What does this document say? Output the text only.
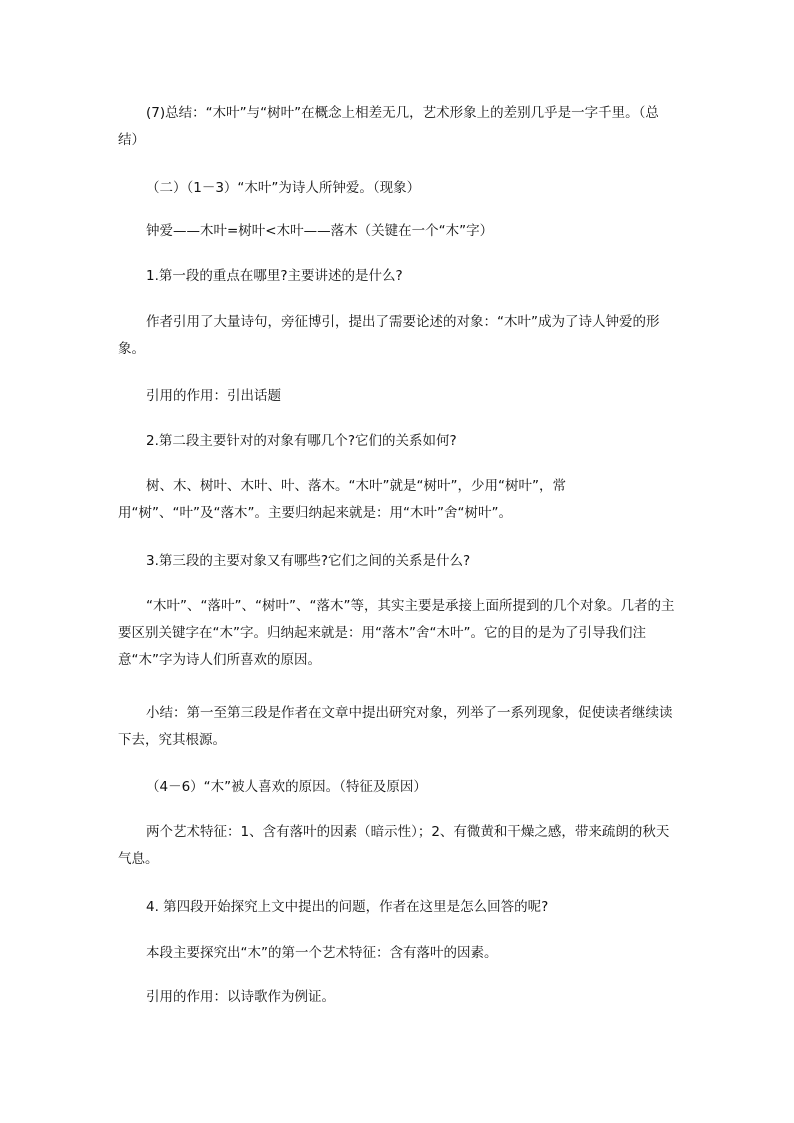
(7)总结：“木叶”与“树叶”在概念上相差无几，艺术形象上的差别几乎是一字千里。（总结）

（二）（1－3）“木叶”为诗人所钟爱。（现象）

钟爱——木叶=树叶<木叶——落木（关键在一个“木”字）

1.第一段的重点在哪里?主要讲述的是什么?

作者引用了大量诗句，旁征博引，提出了需要论述的对象：“木叶”成为了诗人钟爱的形象。

引用的作用：引出话题

2.第二段主要针对的对象有哪几个?它们的关系如何?

树、木、树叶、木叶、叶、落木。“木叶”就是“树叶”，少用“树叶”，常用“树”、“叶”及“落木”。主要归纳起来就是：用“木叶”舍“树叶”。

3.第三段的主要对象又有哪些?它们之间的关系是什么?

“木叶”、“落叶”、“树叶”、“落木”等，其实主要是承接上面所提到的几个对象。几者的主要区别关键字在“木”字。归纳起来就是：用“落木”舍“木叶”。它的目的是为了引导我们注意“木”字为诗人们所喜欢的原因。

小结：第一至第三段是作者在文章中提出研究对象，列举了一系列现象，促使读者继续读下去，究其根源。

（4－6）“木”被人喜欢的原因。（特征及原因）

两个艺术特征：1、含有落叶的因素（暗示性）；2、有微黄和干燥之感，带来疏朗的秋天气息。

4. 第四段开始探究上文中提出的问题，作者在这里是怎么回答的呢?

本段主要探究出“木”的第一个艺术特征：含有落叶的因素。

引用的作用：以诗歌作为例证。
